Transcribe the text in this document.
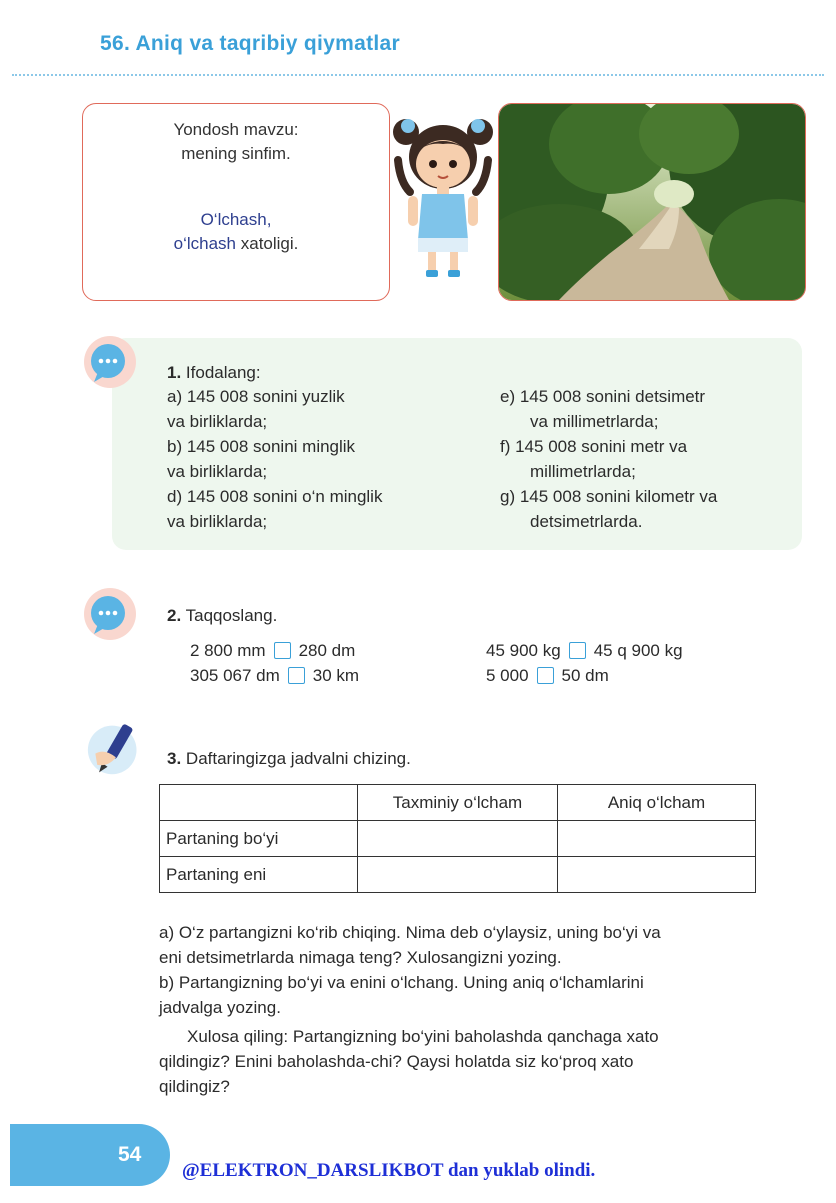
56. Aniq va taqribiy qiymatlar
Yondosh mavzu:
mening sinfim.
O‘lchash,
o‘lchash xatoligi.
1. Ifodalang:
a) 145 008 sonini yuzlik
va birliklarda;
b) 145 008 sonini minglik
va birliklarda;
d) 145 008 sonini o‘n minglik
va birliklarda;
e) 145 008 sonini detsimetr
va millimetrlarda;
f) 145 008 sonini metr va
millimetrlarda;
g) 145 008 sonini kilometr va
detsimetrlarda.
2. Taqqoslang.
2 800 mm 280 dm
305 067 dm 30 km
45 900 kg 45 q 900 kg
5 000 50 dm
3. Daftaringizga jadvalni chizing.
	Taxminiy o‘lcham	Aniq o‘lcham
Partaning bo‘yi		
Partaning eni		
a) O‘z partangizni ko‘rib chiqing. Nima deb o‘ylaysiz, uning bo‘yi va
eni detsimetrlarda nimaga teng? Xulosangizni yozing.
b) Partangizning bo‘yi va enini o‘lchang. Uning aniq o‘lchamlarini
jadvalga yozing.
Xulosa qiling: Partangizning bo‘yini baholashda qanchaga xato
qildingiz? Enini baholashda-chi? Qaysi holatda siz ko‘proq xato
qildingiz?
54
@ELEKTRON_DARSLIKBOT dan yuklab olindi.
